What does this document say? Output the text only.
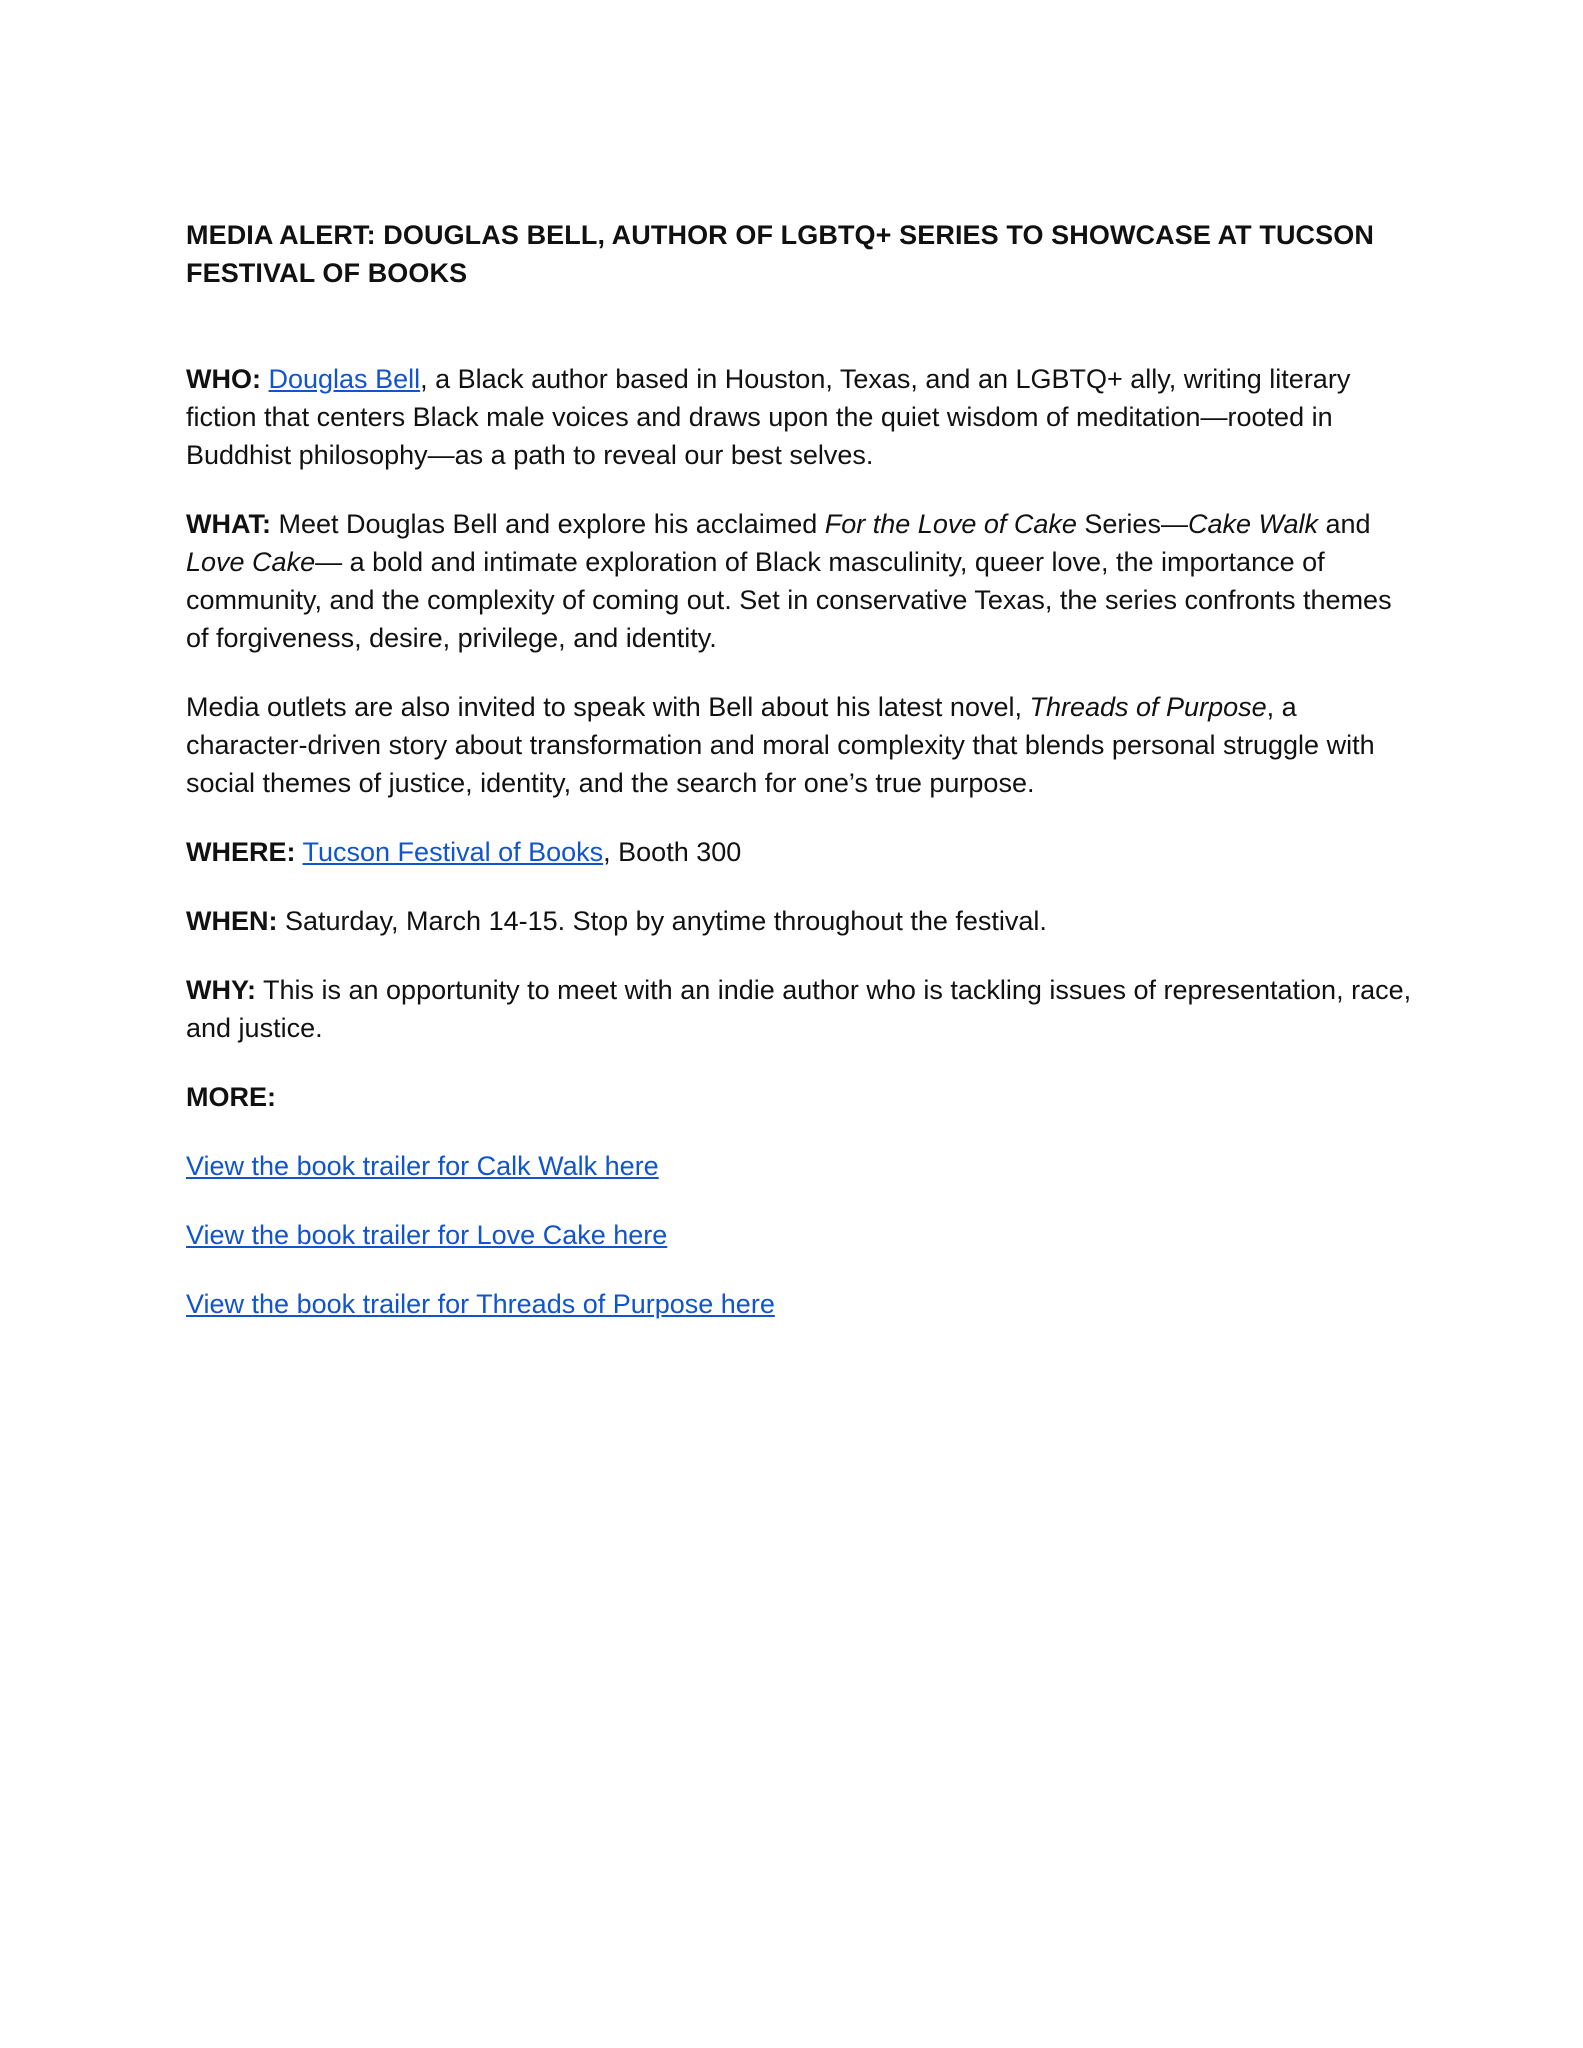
MEDIA ALERT: DOUGLAS BELL, AUTHOR OF LGBTQ+ SERIES TO SHOWCASE AT TUCSON FESTIVAL OF BOOKS

WHO: Douglas Bell, a Black author based in Houston, Texas, and an LGBTQ+ ally, writing literary fiction that centers Black male voices and draws upon the quiet wisdom of meditation—rooted in Buddhist philosophy—as a path to reveal our best selves.

WHAT: Meet Douglas Bell and explore his acclaimed For the Love of Cake Series—Cake Walk and Love Cake— a bold and intimate exploration of Black masculinity, queer love, the importance of community, and the complexity of coming out. Set in conservative Texas, the series confronts themes of forgiveness, desire, privilege, and identity.

Media outlets are also invited to speak with Bell about his latest novel, Threads of Purpose, a character-driven story about transformation and moral complexity that blends personal struggle with social themes of justice, identity, and the search for one’s true purpose.

WHERE: Tucson Festival of Books, Booth 300

WHEN: Saturday, March 14-15. Stop by anytime throughout the festival.

WHY: This is an opportunity to meet with an indie author who is tackling issues of representation, race, and justice.

MORE:

View the book trailer for Calk Walk here

View the book trailer for Love Cake here

View the book trailer for Threads of Purpose here
